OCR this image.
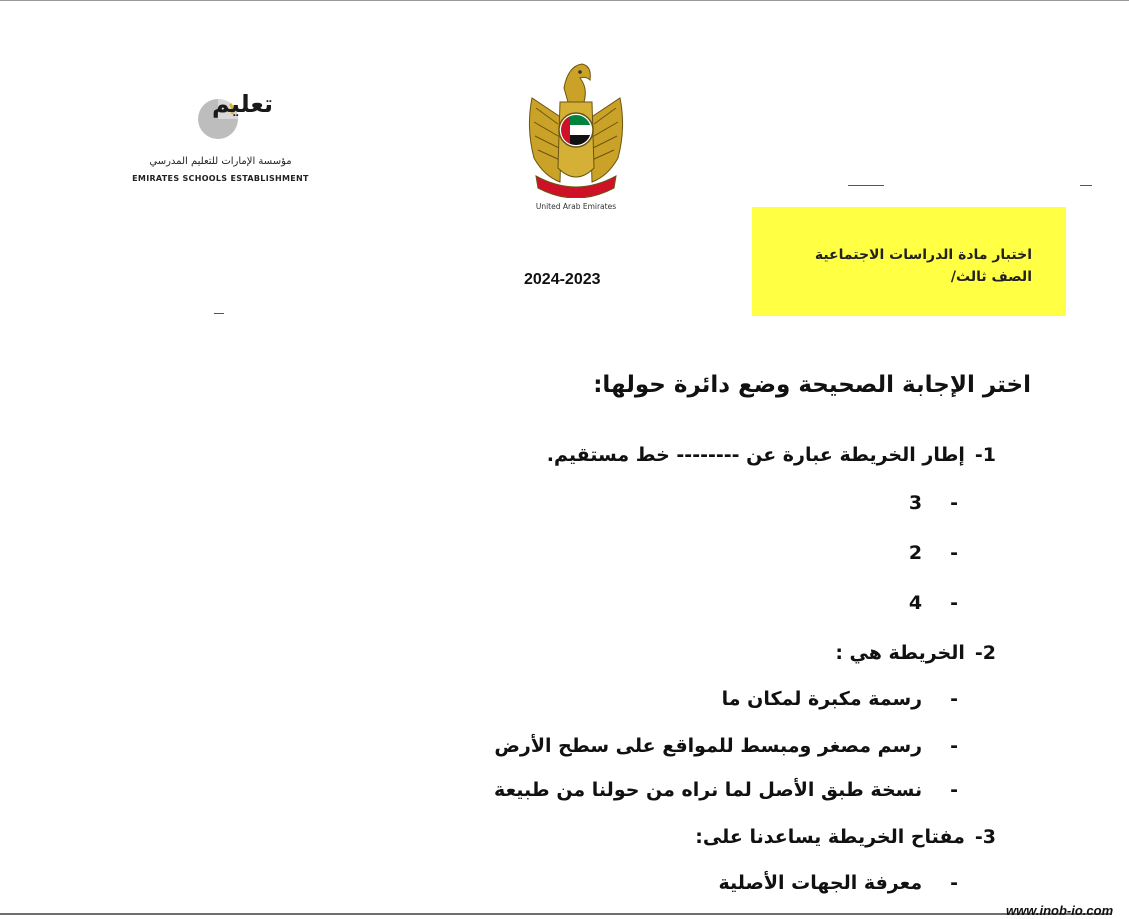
تعليم
مؤسسة الإمارات للتعليم المدرسي
EMIRATES SCHOOLS ESTABLISHMENT
United Arab Emirates
اختبار مادة الدراسات الاجتماعية
الصف ثالث/
2024-2023
اختر الإجابة الصحيحة وضع دائرة حولها:
1-إطار الخريطة عبارة عن -------- خط مستقيم.
-3
-2
-4
2-الخريطة هي :
-رسمة مكبرة لمكان ما
-رسم مصغر ومبسط للمواقع على سطح الأرض
-نسخة طبق الأصل لما نراه من حولنا من طبيعة
3-مفتاح الخريطة يساعدنا على:
-معرفة الجهات الأصلية
www.inob-io.com
